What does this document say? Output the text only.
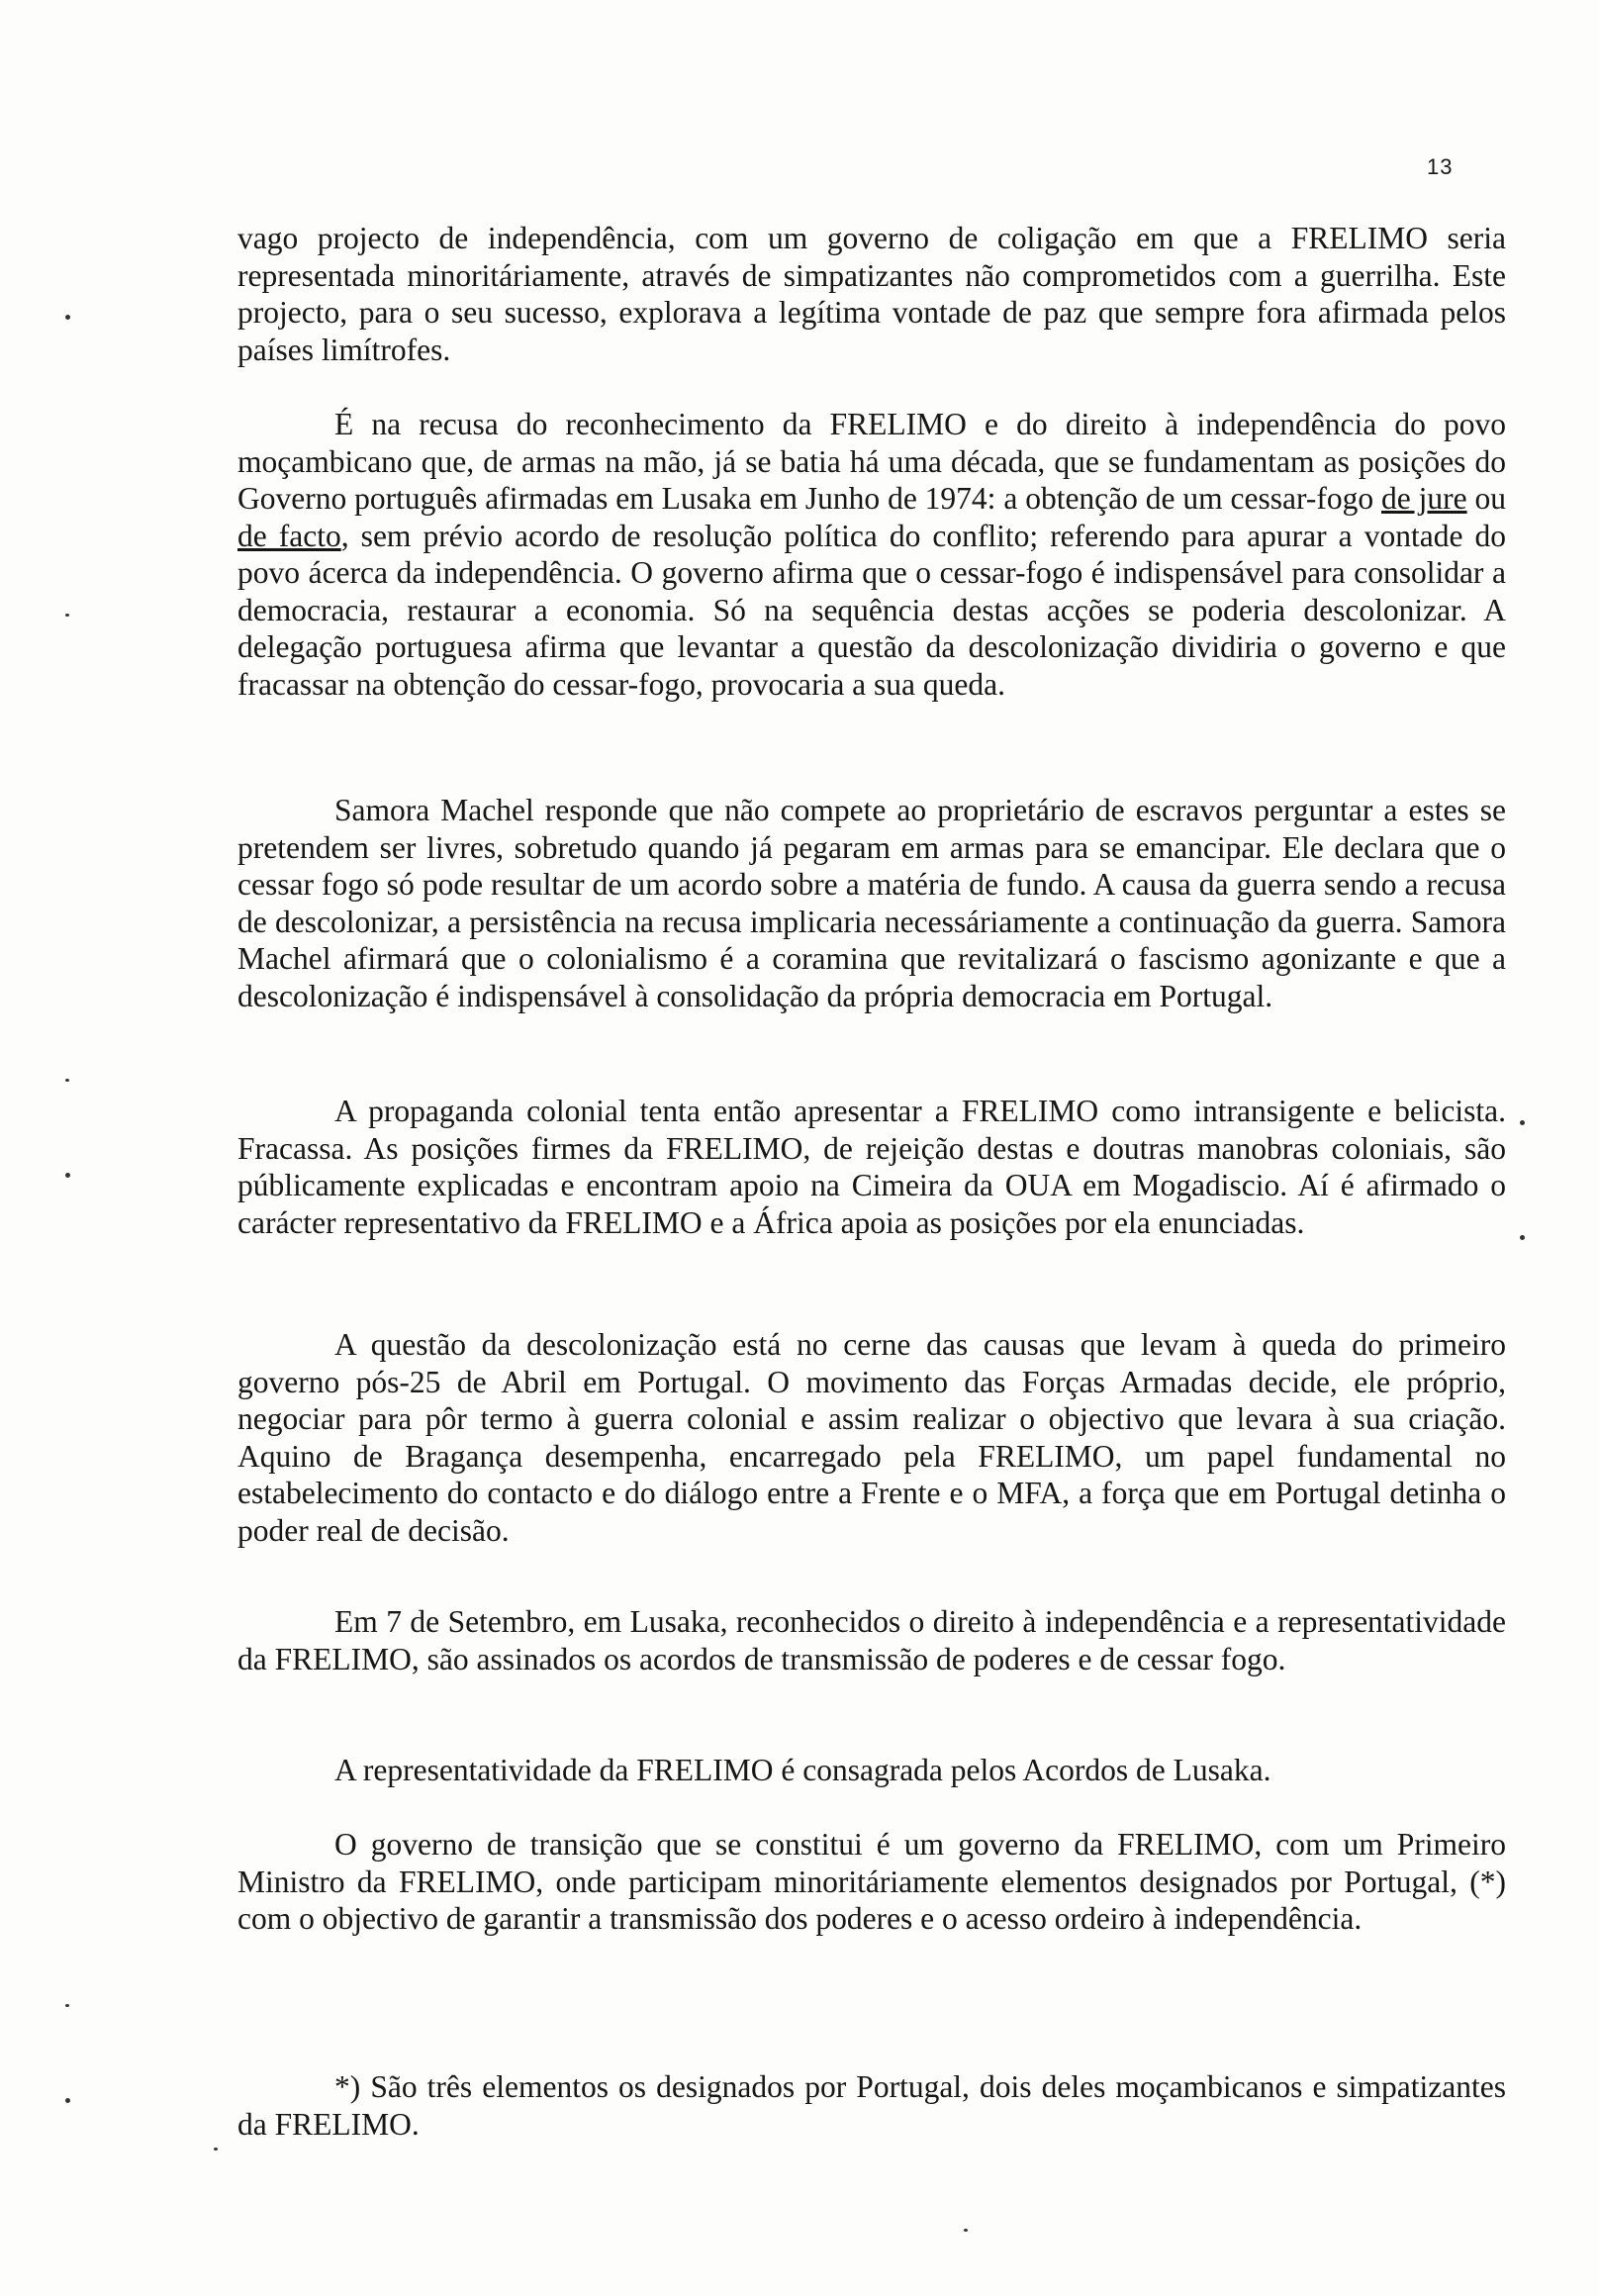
13

vago projecto de independência, com um governo de coligação em que a FRELIMO seria representada minoritáriamente, através de simpatizantes não comprometidos com a guerrilha. Este projecto, para o seu sucesso, explorava a legítima vontade de paz que sempre fora afirmada pelos países limítrofes.

É na recusa do reconhecimento da FRELIMO e do direito à independência do povo moçambicano que, de armas na mão, já se batia há uma década, que se fundamentam as posições do Governo português afirmadas em Lusaka em Junho de 1974: a obtenção de um cessar-fogo de jure ou de facto, sem prévio acordo de resolução política do conflito; referendo para apurar a vontade do povo ácerca da independência. O governo afirma que o cessar-fogo é indispensável para consolidar a democracia, restaurar a economia. Só na sequência destas acções se poderia descolonizar. A delegação portuguesa afirma que levantar a questão da descolonização dividiria o governo e que fracassar na obtenção do cessar-fogo, provocaria a sua queda.

Samora Machel responde que não compete ao proprietário de escravos perguntar a estes se pretendem ser livres, sobretudo quando já pegaram em armas para se emancipar. Ele declara que o cessar fogo só pode resultar de um acordo sobre a matéria de fundo. A causa da guerra sendo a recusa de descolonizar, a persistência na recusa implicaria necessáriamente a continuação da guerra. Samora Machel afirmará que o colonialismo é a coramina que revitalizará o fascismo agonizante e que a descolonização é indispensável à consolidação da própria democracia em Portugal.

A propaganda colonial tenta então apresentar a FRELIMO como intransigente e belicista. Fracassa. As posições firmes da FRELIMO, de rejeição destas e doutras manobras coloniais, são públicamente explicadas e encontram apoio na Cimeira da OUA em Mogadiscio. Aí é afirmado o carácter representativo da FRELIMO e a África apoia as posições por ela enunciadas.

A questão da descolonização está no cerne das causas que levam à queda do primeiro governo pós-25 de Abril em Portugal. O movimento das Forças Armadas decide, ele próprio, negociar para pôr termo à guerra colonial e assim realizar o objectivo que levara à sua criação. Aquino de Bragança desempenha, encarregado pela FRELIMO, um papel fundamental no estabelecimento do contacto e do diálogo entre a Frente e o MFA, a força que em Portugal detinha o poder real de decisão.

Em 7 de Setembro, em Lusaka, reconhecidos o direito à independência e a representatividade da FRELIMO, são assinados os acordos de transmissão de poderes e de cessar fogo.

A representatividade da FRELIMO é consagrada pelos Acordos de Lusaka.

O governo de transição que se constitui é um governo da FRELIMO, com um Primeiro Ministro da FRELIMO, onde participam minoritáriamente elementos designados por Portugal, (*) com o objectivo de garantir a transmissão dos poderes e o acesso ordeiro à independência.

*) São três elementos os designados por Portugal, dois deles moçambicanos e simpatizantes da FRELIMO.
